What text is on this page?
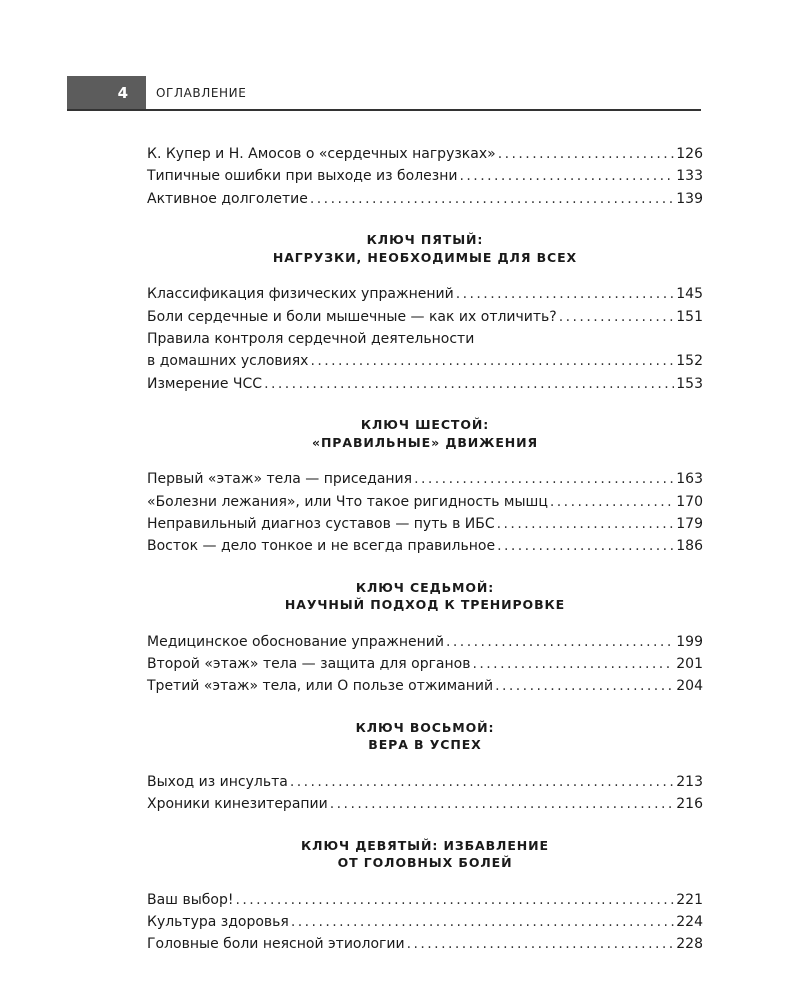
4	ОГЛАВЛЕНИЕ
К. Купер и Н. Амосов о «сердечных нагрузках» . . .	126
Типичные ошибки при выходе из болезни . . .	133
Активное долголетие . . .	139
КЛЮЧ ПЯТЫЙ:
НАГРУЗКИ, НЕОБХОДИМЫЕ ДЛЯ ВСЕХ
Классификация физических упражнений . . .	145
Боли сердечные и боли мышечные — как их отличить? . . .	151
Правила контроля сердечной деятельности
в домашних условиях . . .	152
Измерение ЧСС . . .	153
КЛЮЧ ШЕСТОЙ:
«ПРАВИЛЬНЫЕ» ДВИЖЕНИЯ
Первый «этаж» тела — приседания . . .	163
«Болезни лежания», или Что такое ригидность мышц . . .	170
Неправильный диагноз суставов — путь в ИБС . . .	179
Восток — дело тонкое и не всегда правильное . . .	186
КЛЮЧ СЕДЬМОЙ:
НАУЧНЫЙ ПОДХОД К ТРЕНИРОВКЕ
Медицинское обоснование упражнений . . .	199
Второй «этаж» тела — защита для органов . . .	201
Третий «этаж» тела, или О пользе отжиманий . . .	204
КЛЮЧ ВОСЬМОЙ:
ВЕРА В УСПЕХ
Выход из инсульта . . .	213
Хроники кинезитерапии . . .	216
КЛЮЧ ДЕВЯТЫЙ: ИЗБАВЛЕНИЕ
ОТ ГОЛОВНЫХ БОЛЕЙ
Ваш выбор! . . .	221
Культура здоровья . . .	224
Головные боли неясной этиологии . . .	228
